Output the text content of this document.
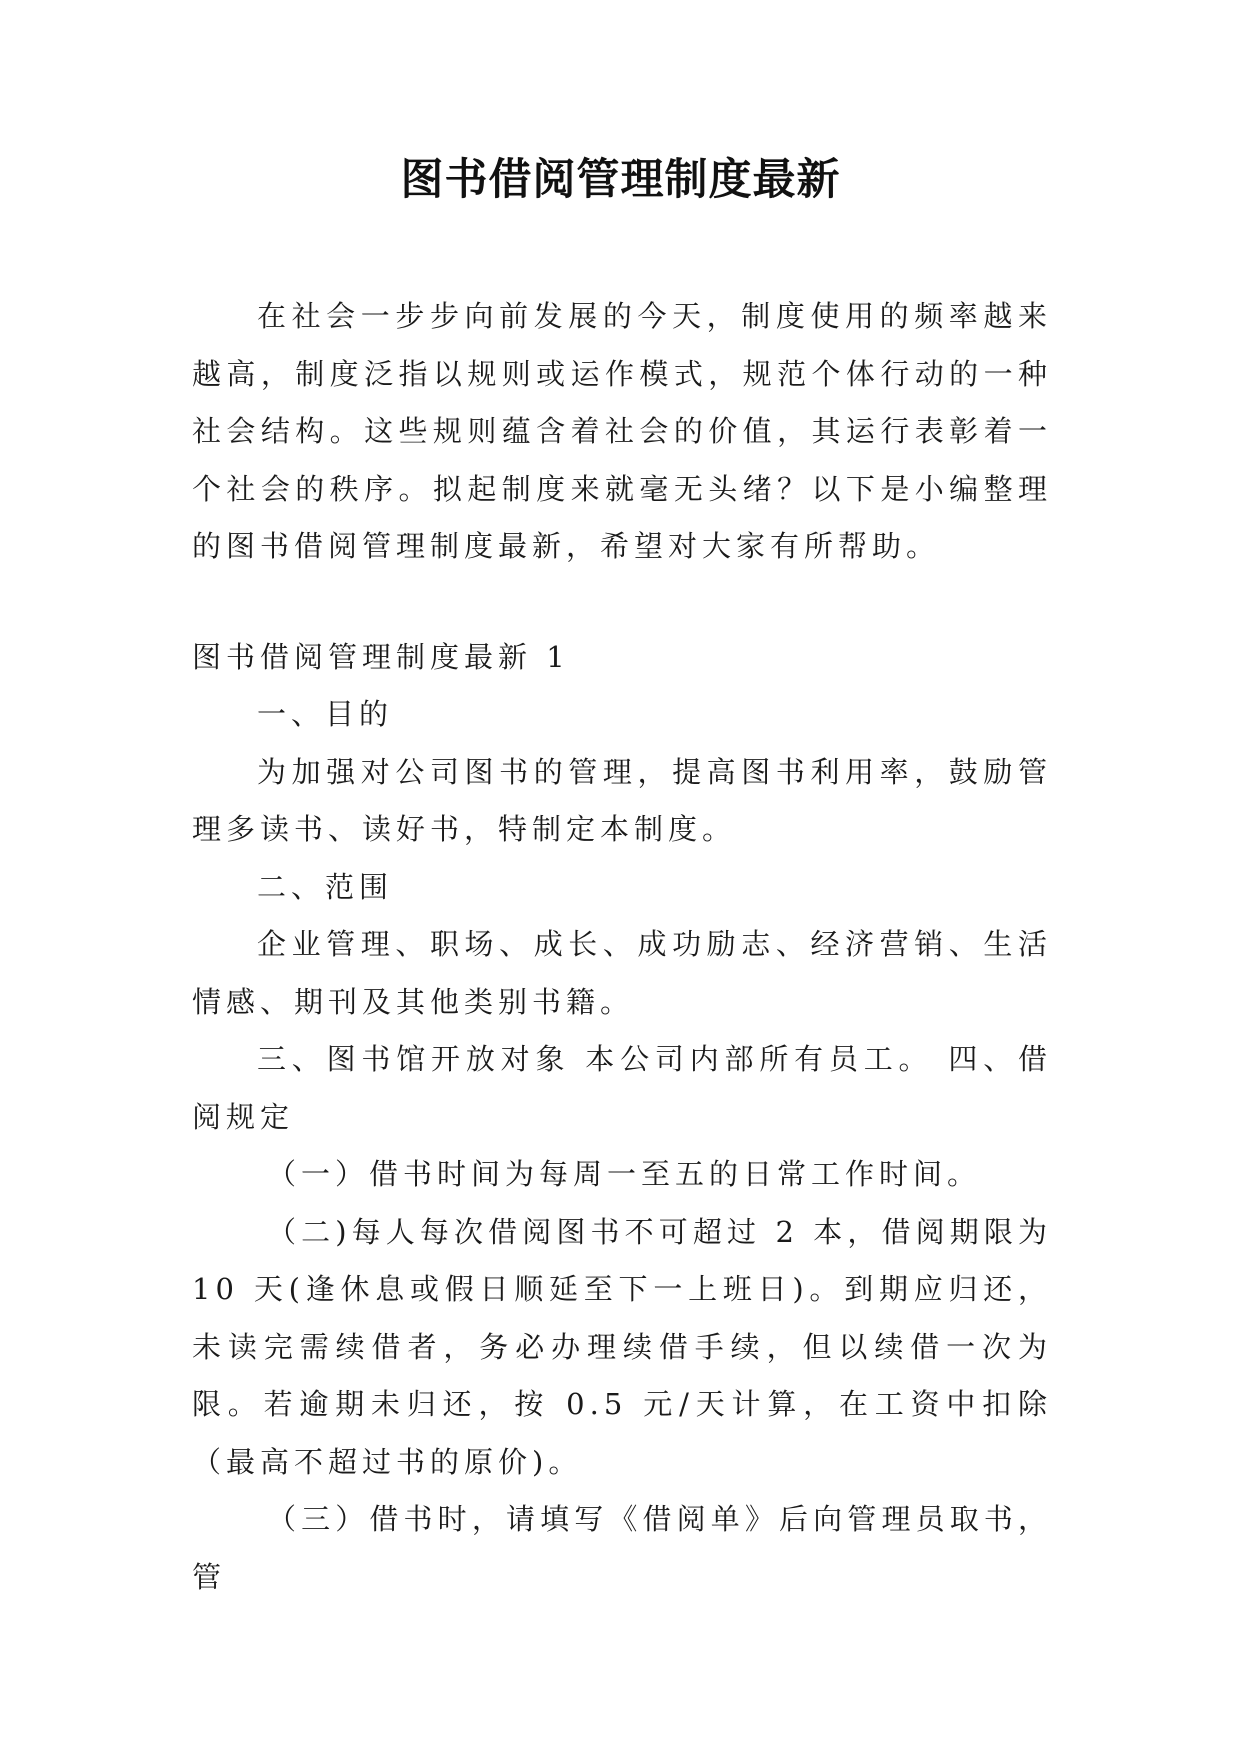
图书借阅管理制度最新

在社会一步步向前发展的今天，制度使用的频率越来越高，制度泛指以规则或运作模式，规范个体行动的一种社会结构。这些规则蕴含着社会的价值，其运行表彰着一个社会的秩序。拟起制度来就毫无头绪？以下是小编整理的图书借阅管理制度最新，希望对大家有所帮助。

图书借阅管理制度最新 1

一、目的

为加强对公司图书的管理，提高图书利用率，鼓励管理多读书、读好书，特制定本制度。

二、范围

企业管理、职场、成长、成功励志、经济营销、生活情感、期刊及其他类别书籍。

三、图书馆开放对象 本公司内部所有员工。 四、借阅规定

（一）借书时间为每周一至五的日常工作时间。

（二)每人每次借阅图书不可超过 2 本，借阅期限为 10 天(逢休息或假日顺延至下一上班日)。到期应归还，未读完需续借者，务必办理续借手续，但以续借一次为限。若逾期未归还，按 0.5 元/天计算，在工资中扣除（最高不超过书的原价)。

（三）借书时，请填写《借阅单》后向管理员取书，管
